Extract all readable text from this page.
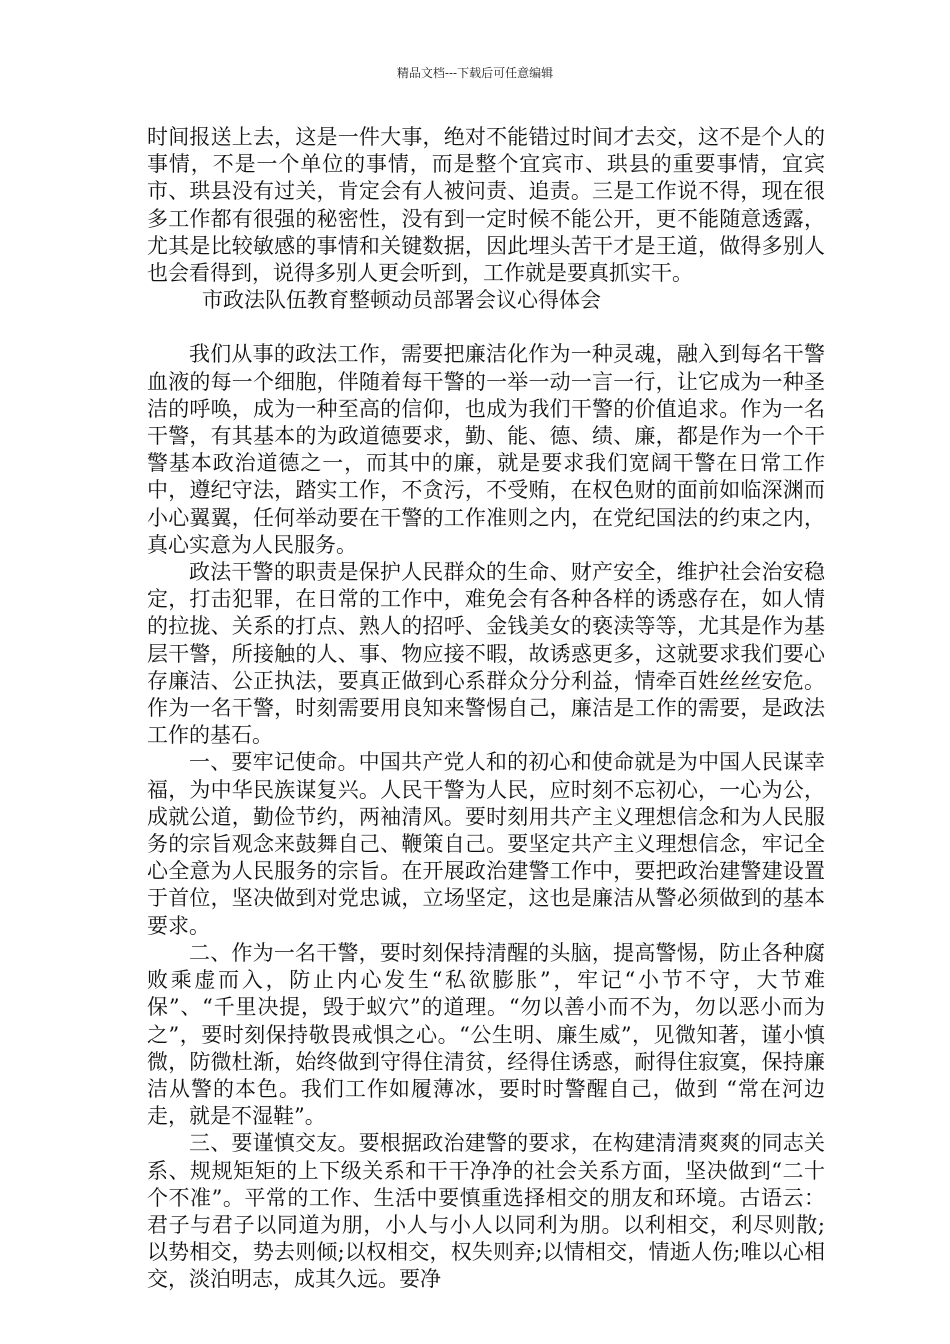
精品文档---下载后可任意编辑

时间报送上去，这是一件大事，绝对不能错过时间才去交，这不是个人的事情，不是一个单位的事情，而是整个宜宾市、珙县的重要事情，宜宾市、珙县没有过关，肯定会有人被问责、追责。三是工作说不得，现在很多工作都有很强的秘密性，没有到一定时候不能公开，更不能随意透露，尤其是比较敏感的事情和关键数据，因此埋头苦干才是王道，做得多别人也会看得到，说得多别人更会听到，工作就是要真抓实干。

市政法队伍教育整顿动员部署会议心得体会

我们从事的政法工作，需要把廉洁化作为一种灵魂，融入到每名干警血液的每一个细胞，伴随着每干警的一举一动一言一行，让它成为一种圣洁的呼唤，成为一种至高的信仰，也成为我们干警的价值追求。作为一名干警，有其基本的为政道德要求，勤、能、德、绩、廉，都是作为一个干警基本政治道德之一，而其中的廉，就是要求我们宽阔干警在日常工作中，遵纪守法，踏实工作，不贪污，不受贿，在权色财的面前如临深渊而小心翼翼，任何举动要在干警的工作准则之内，在党纪国法的约束之内，真心实意为人民服务。

政法干警的职责是保护人民群众的生命、财产安全，维护社会治安稳定，打击犯罪，在日常的工作中，难免会有各种各样的诱惑存在，如人情的拉拢、关系的打点、熟人的招呼、金钱美女的亵渎等等，尤其是作为基层干警，所接触的人、事、物应接不暇，故诱惑更多，这就要求我们要心存廉洁、公正执法，要真正做到心系群众分分利益，情牵百姓丝丝安危。作为一名干警，时刻需要用良知来警惕自己，廉洁是工作的需要，是政法工作的基石。

一、要牢记使命。中国共产党人和的初心和使命就是为中国人民谋幸福，为中华民族谋复兴。人民干警为人民，应时刻不忘初心，一心为公，成就公道，勤俭节约，两袖清风。要时刻用共产主义理想信念和为人民服务的宗旨观念来鼓舞自己、鞭策自己。要坚定共产主义理想信念，牢记全心全意为人民服务的宗旨。在开展政治建警工作中，要把政治建警建设置于首位，坚决做到对党忠诚，立场坚定，这也是廉洁从警必须做到的基本要求。

二、作为一名干警，要时刻保持清醒的头脑，提高警惕，防止各种腐败乘虚而入，防止内心发生“私欲膨胀”，牢记“小节不守，大节难保”、“千里决提，毁于蚁穴”的道理。“勿以善小而不为，勿以恶小而为之”，要时刻保持敬畏戒惧之心。“公生明、廉生威”，见微知著，谨小慎微，防微杜渐，始终做到守得住清贫，经得住诱惑，耐得住寂寞，保持廉洁从警的本色。我们工作如履薄冰，要时时警醒自己，做到 “常在河边走，就是不湿鞋”。

三、要谨慎交友。要根据政治建警的要求，在构建清清爽爽的同志关系、规规矩矩的上下级关系和干干净净的社会关系方面，坚决做到“二十个不准”。平常的工作、生活中要慎重选择相交的朋友和环境。古语云：君子与君子以同道为朋，小人与小人以同利为朋。以利相交，利尽则散;以势相交，势去则倾;以权相交，权失则弃;以情相交，情逝人伤;唯以心相交，淡泊明志，成其久远。要净
